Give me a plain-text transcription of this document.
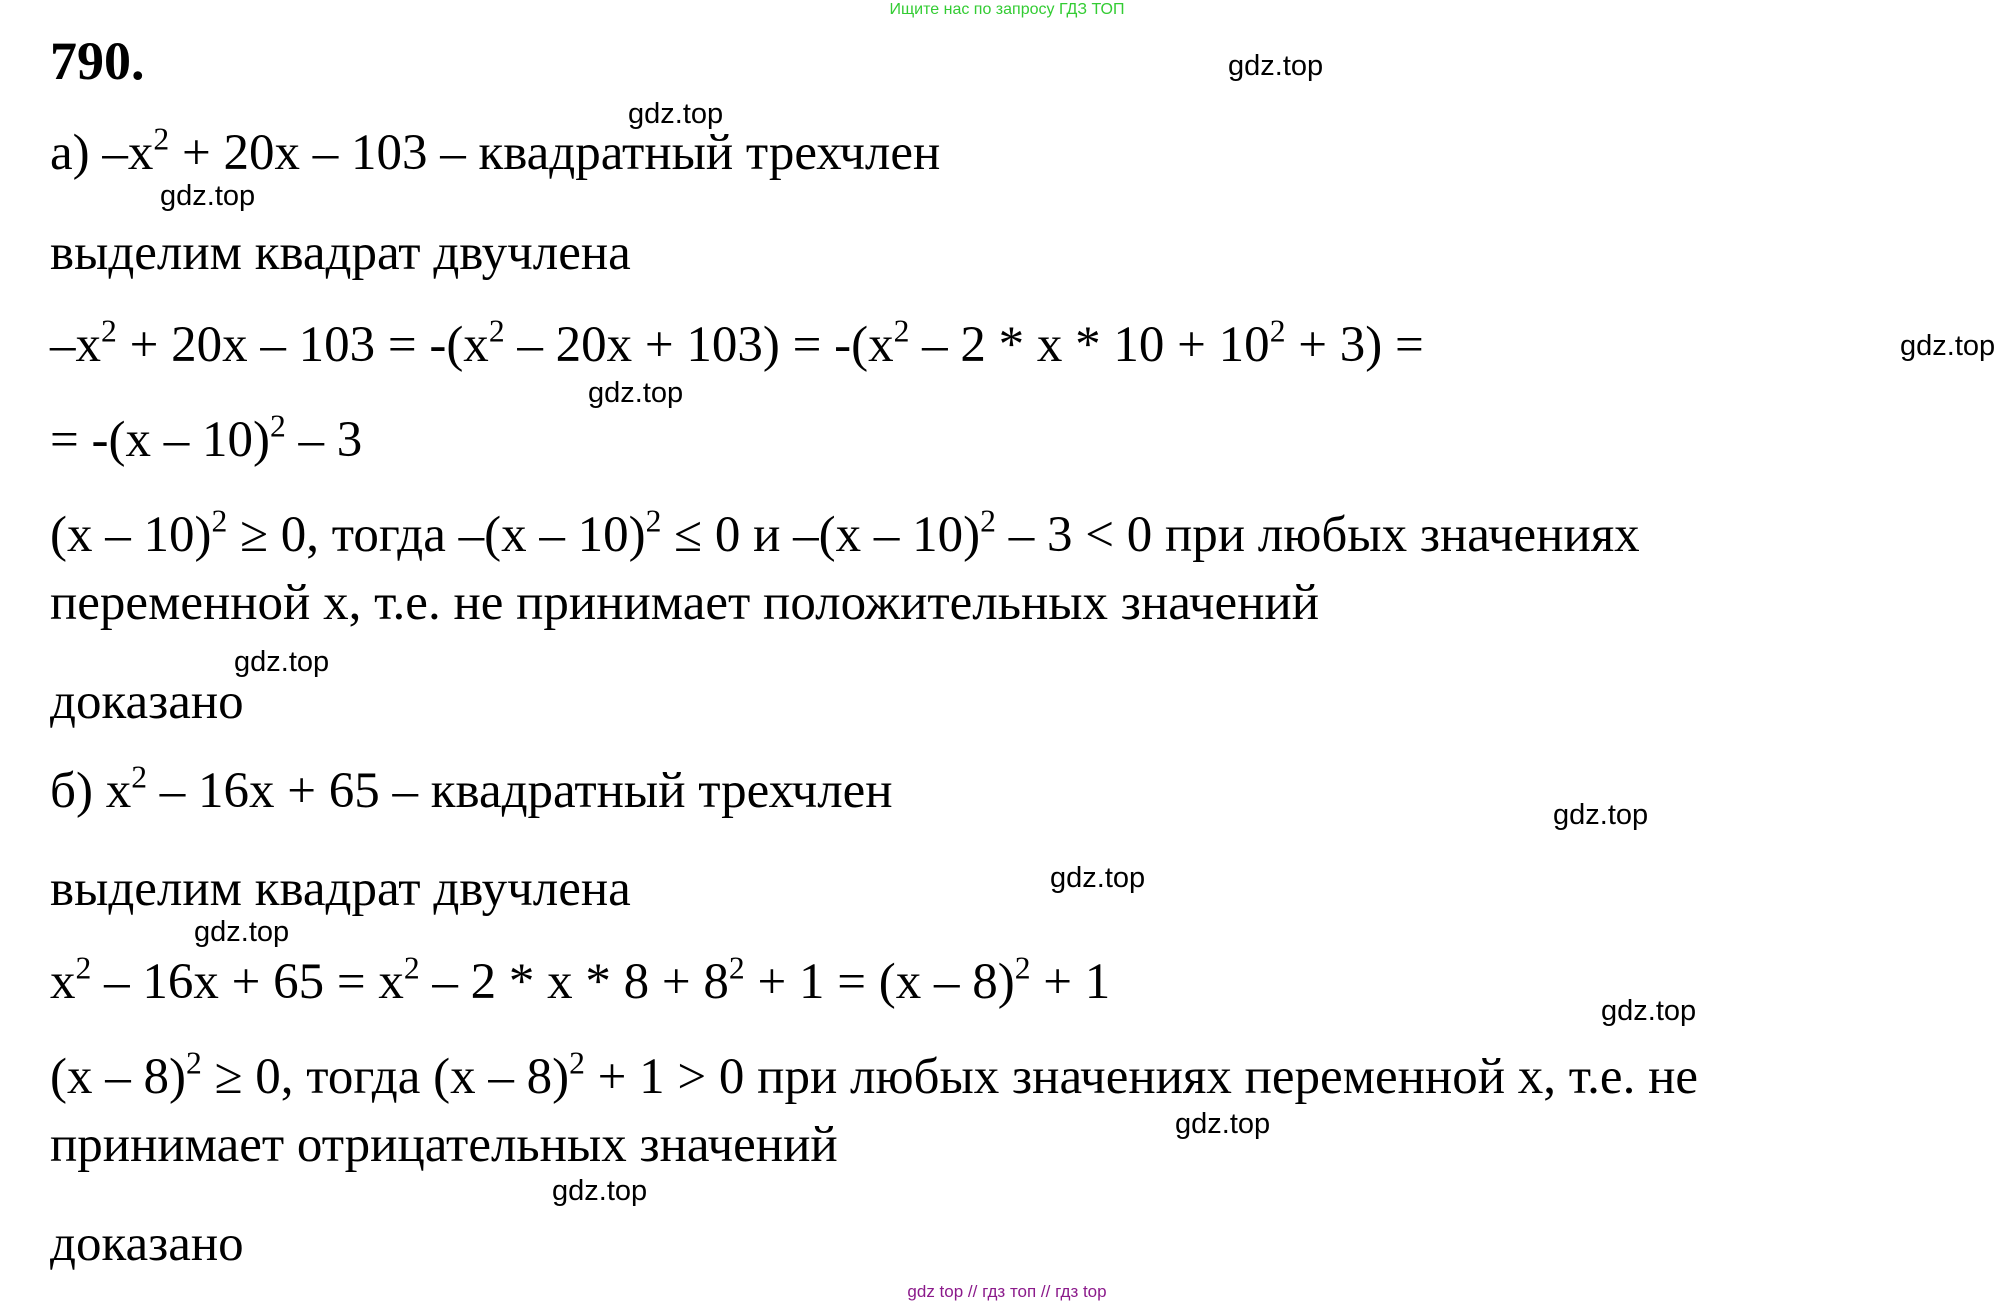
Ищите нас по запросу ГДЗ ТОП
790.
а) $-x^2 + 20x - 103$ – квадратный трехчлен
выделим квадрат двучлена
$-x^2 + 20x - 103 = -(x^2 - 20x + 103) = -(x^2 - 2 * x * 10 + 10^2 + 3)$ =
= -(x – 10)$^2$ – 3
(x – 10)$^2$ ≥ 0, тогда –(x – 10)$^2$ ≤ 0 и –(x – 10)$^2$ – 3 < 0 при любых значениях
переменной x, т.е. не принимает положительных значений
доказано
б) $x^2 - 16x + 65$ – квадратный трехчлен
выделим квадрат двучлена
$x^2 - 16x + 65 = x^2 - 2 * x * 8 + 8^2 + 1 = (x - 8)^2 + 1$
(x – 8)$^2$ ≥ 0, тогда (x – 8)$^2$ + 1 > 0 при любых значениях переменной x, т.е. не
принимает отрицательных значений
доказано
gdz.top
gdz.top
gdz.top
gdz.top
gdz.top
gdz.top
gdz.top
gdz.top
gdz.top
gdz.top
gdz.top
gdz.top
gdz top // гдз топ // гдз top
